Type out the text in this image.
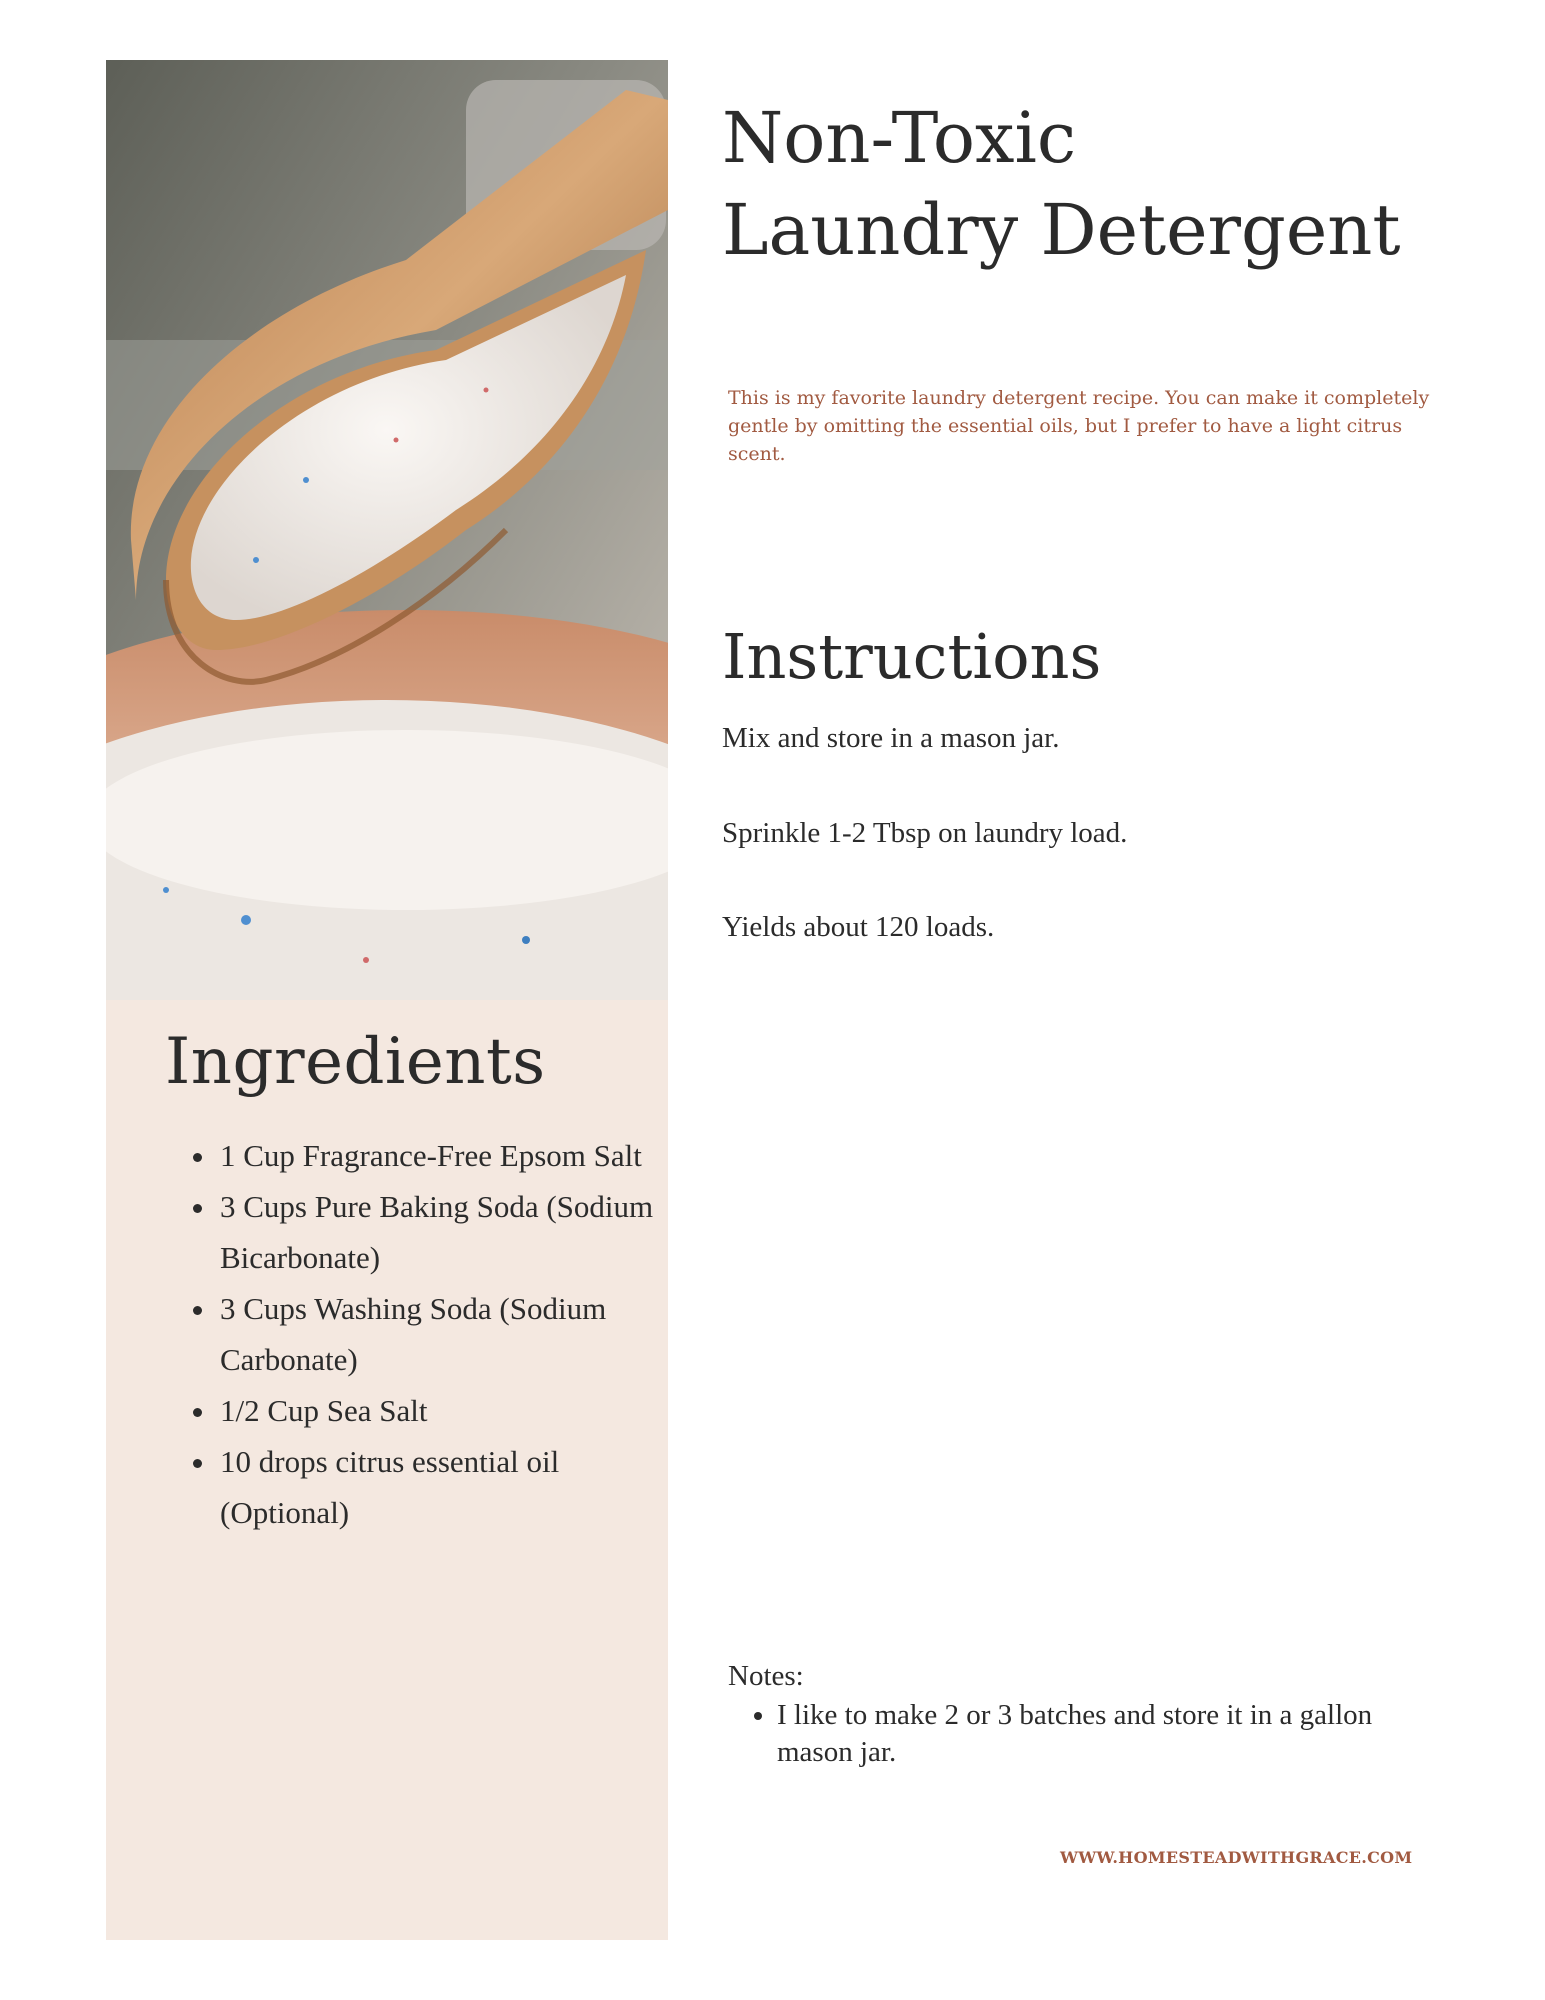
Ingredients
• 1 Cup Fragrance-Free Epsom Salt
• 3 Cups Pure Baking Soda (Sodium Bicarbonate)
• 3 Cups Washing Soda (Sodium Carbonate)
• 1/2 Cup Sea Salt
• 10 drops citrus essential oil (Optional)
Non-Toxic
Laundry Detergent

This is my favorite laundry detergent recipe. You can make it completely gentle by omitting the essential oils, but I prefer to have a light citrus scent.

Instructions

Mix and store in a mason jar.

Sprinkle 1-2 Tbsp on laundry load.

Yields about 120 loads.

Notes:

• I like to make 2 or 3 batches and store it in a gallon mason jar.

WWW.HOMESTEADWITHGRACE.COM
